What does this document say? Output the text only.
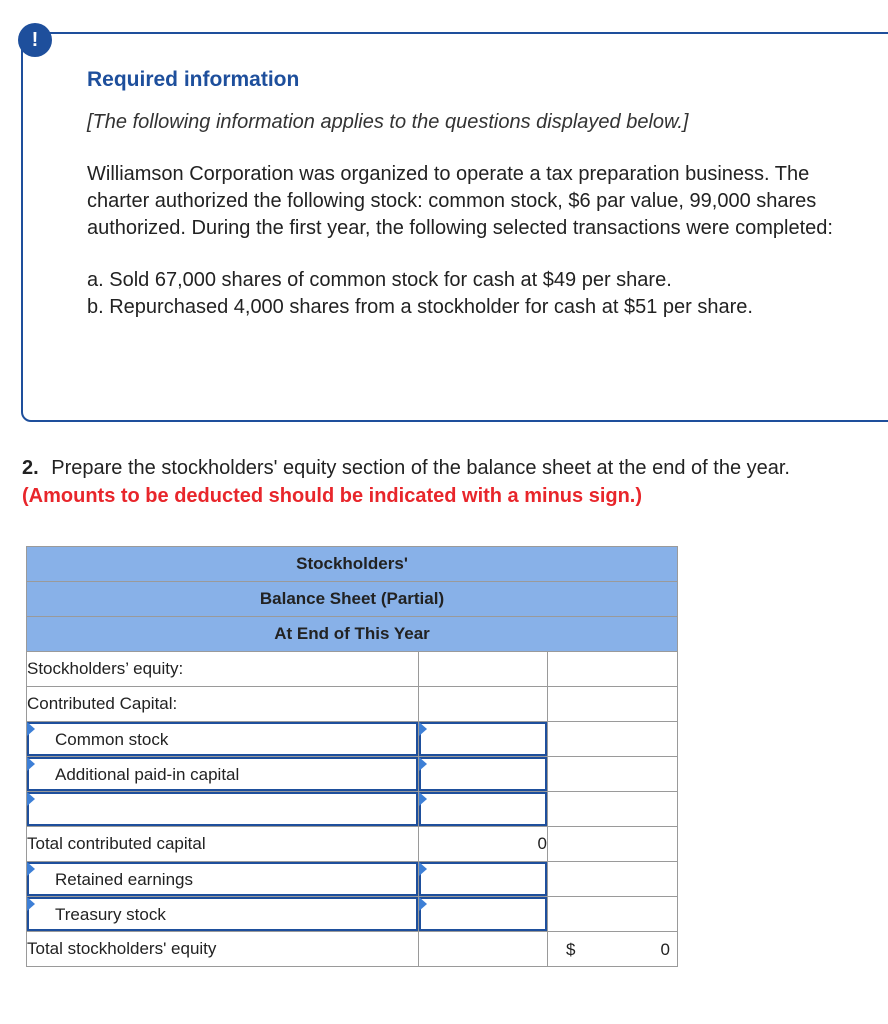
!

Required information

[The following information applies to the questions displayed below.]

Williamson Corporation was organized to operate a tax preparation business. The charter authorized the following stock: common stock, $6 par value, 99,000 shares authorized. During the first year, the following selected transactions were completed:

a. Sold 67,000 shares of common stock for cash at $49 per share.

b. Repurchased 4,000 shares from a stockholder for cash at $51 per share.

2. Prepare the stockholders' equity section of the balance sheet at the end of the year. (Amounts to be deducted should be indicated with a minus sign.)
Stockholders'		
Balance Sheet (Partial)		
At End of This Year		
Stockholders’ equity:		
Contributed Capital:		

Common stock		

Additional paid-in capital		

Total contributed capital	0	

Retained earnings		

Treasury stock		

Total stockholders' equity		$ 0
